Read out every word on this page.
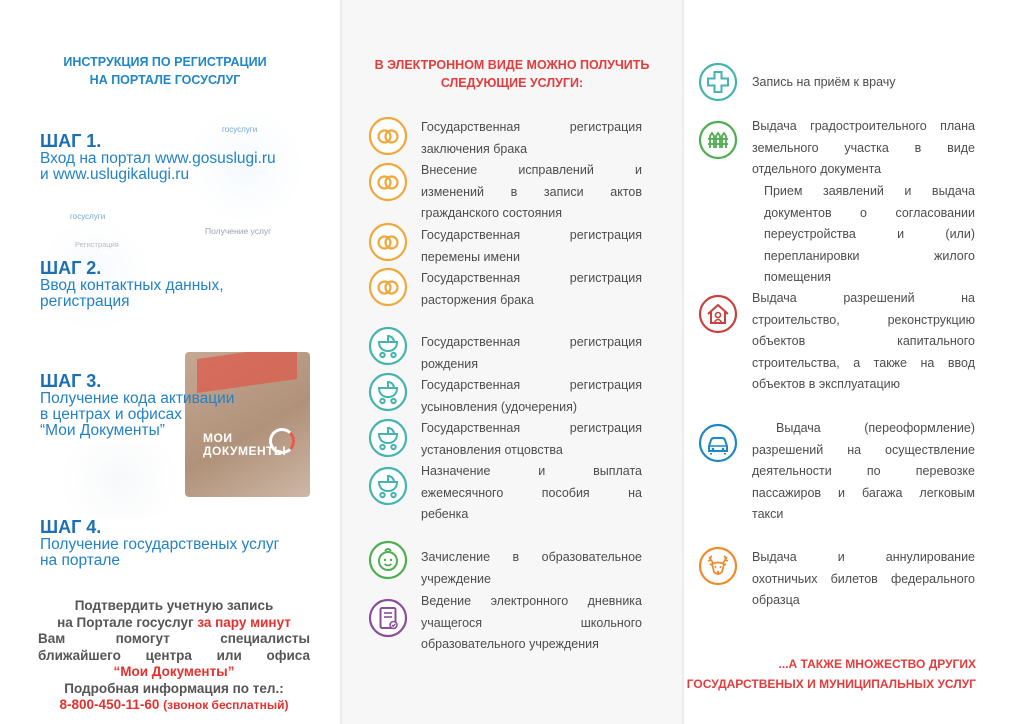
госуслуги
госуслуги
Получение услуг
Регистрация
ИНСТРУКЦИЯ ПО РЕГИСТРАЦИИ
НА ПОРТАЛЕ ГОСУСЛУГ
ШАГ 1.
Вход на портал www.gosuslugi.ru
и www.uslugikalugi.ru
ШАГ 2.
Ввод контактных данных,
регистрация
МОИ
ДОКУМЕНТЫ
ШАГ 3.
Получение кода активации
в центрах и офисах
“Мои Документы”
ШАГ 4.
Получение государственых услуг
на портале
Подтвердить учетную запись
на Портале госуслуг за пару минут
Вам	помогут	специалисты
ближайшего центра или офиса
“Мои Документы”
Подробная информация по тел.:
8-800-450-11-60 (звонок бесплатный)
В ЭЛЕКТРОННОМ ВИДЕ МОЖНО ПОЛУЧИТЬ
СЛЕДУЮЩИЕ УСЛУГИ:
Государственная регистрация
заключения брака
Внесение исправлений и
изменений в записи актов
гражданского состояния
Государственная регистрация
перемены имени
Государственная регистрация
расторжения брака
Государственная регистрация
рождения
Государственная регистрация
усыновления (удочерения)
Государственная регистрация
установления отцовства
Назначение и выплата
ежемесячного пособия на
ребенка
Зачисление в образовательное
учреждение
Ведение электронного дневника
учащегося школьного
образовательного учреждения
Запись на приём к врачу
Выдача градостроительного плана
земельного участка в виде
отдельного документа
Прием заявлений и выдача
документов о согласовании
переустройства и (или)
перепланировки жилого
помещения
Выдача разрешений на
строительство, реконструкцию
объектов капитального
строительства, а также на ввод
объектов в эксплуатацию
Выдача (переоформление)
разрешений на осуществление
деятельности по перевозке
пассажиров и багажа легковым
такси
Выдача и аннулирование
охотничьих билетов федерального
образца
...А ТАКЖЕ МНОЖЕСТВО ДРУГИХ
ГОСУДАРСТВЕНЫХ И МУНИЦИПАЛЬНЫХ УСЛУГ
